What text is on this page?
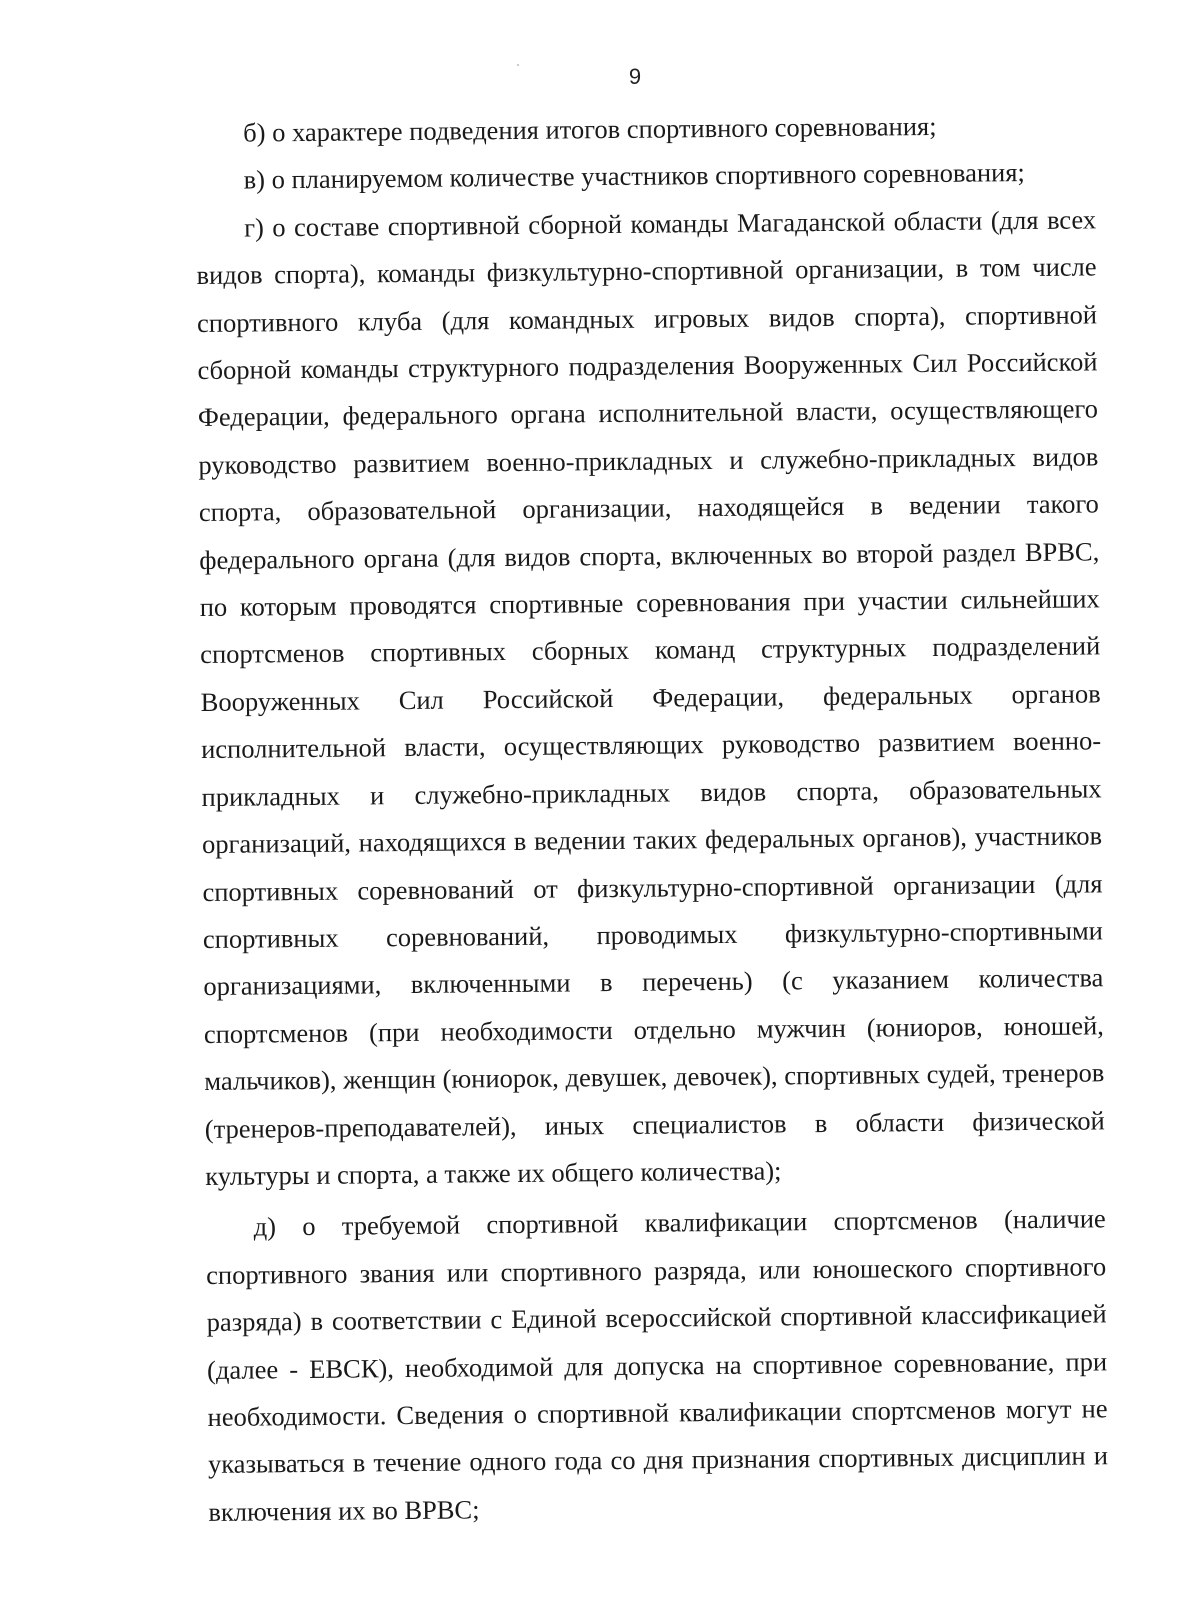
9

б) о характере подведения итогов спортивного соревнования;

в) о планируемом количестве участников спортивного соревнования;

г) о составе спортивной сборной команды Магаданской области (для всех видов спорта), команды физкультурно-спортивной организации, в том числе спортивного клуба (для командных игровых видов спорта), спортивной сборной команды структурного подразделения Вооруженных Сил Российской Федерации, федерального органа исполнительной власти, осуществляющего руководство развитием военно-прикладных и служебно-прикладных видов спорта, образовательной организации, находящейся в ведении такого федерального органа (для видов спорта, включенных во второй раздел ВРВС, по которым проводятся спортивные соревнования при участии сильнейших спортсменов спортивных сборных команд структурных подразделений Вооруженных Сил Российской Федерации, федеральных органов исполнительной власти, осуществляющих руководство развитием военно-прикладных и служебно-прикладных видов спорта, образовательных организаций, находящихся в ведении таких федеральных органов), участников спортивных соревнований от физкультурно-спортивной организации (для спортивных соревнований, проводимых физкультурно-спортивными организациями, включенными в перечень) (с указанием количества спортсменов (при необходимости отдельно мужчин (юниоров, юношей, мальчиков), женщин (юниорок, девушек, девочек), спортивных судей, тренеров (тренеров-преподавателей), иных специалистов в области физической культуры и спорта, а также их общего количества);

д) о требуемой спортивной квалификации спортсменов (наличие спортивного звания или спортивного разряда, или юношеского спортивного разряда) в соответствии с Единой всероссийской спортивной классификацией (далее - ЕВСК), необходимой для допуска на спортивное соревнование, при необходимости. Сведения о спортивной квалификации спортсменов могут не указываться в течение одного года со дня признания спортивных дисциплин и включения их во ВРВС;
